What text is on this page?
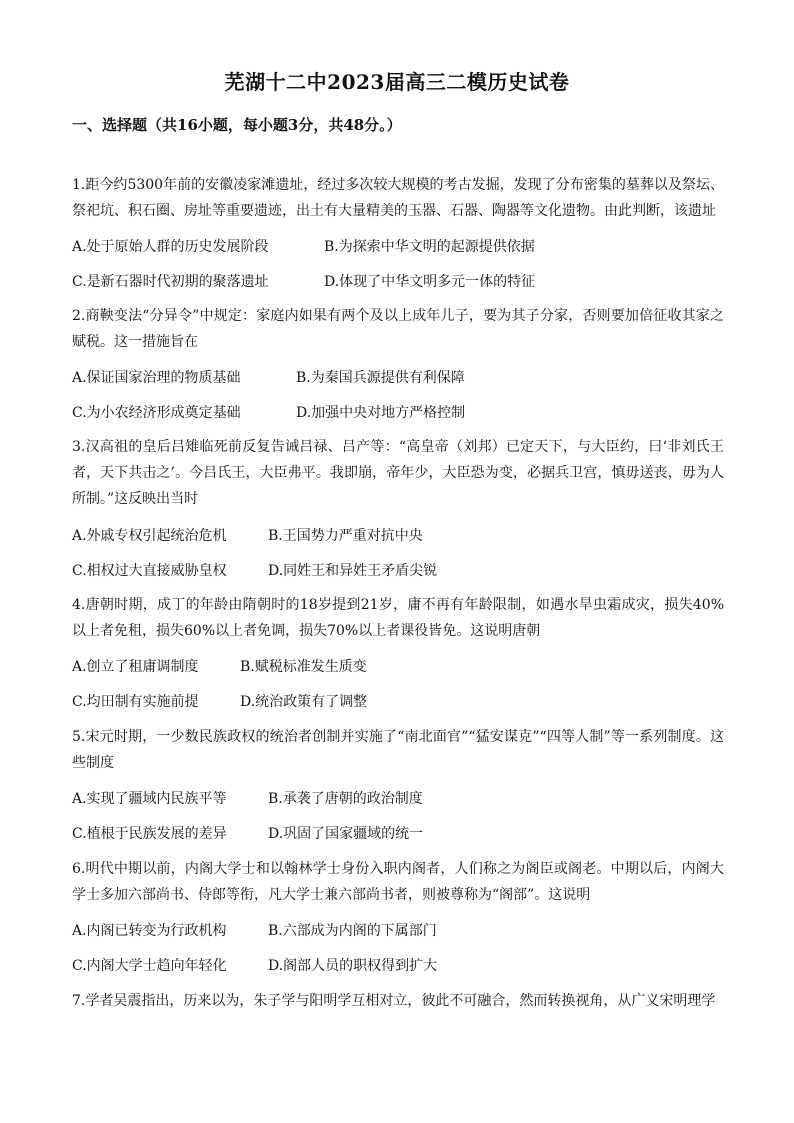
芜湖十二中2023届高三二模历史试卷
一、选择题（共16小题，每小题3分，共48分。）
1.距今约5300年前的安徽凌家滩遗址，经过多次较大规模的考古发掘，发现了分布密集的墓葬以及祭坛、祭祀坑、积石圈、房址等重要遗迹，出土有大量精美的玉器、石器、陶器等文化遗物。由此判断，该遗址
A.处于原始人群的历史发展阶段	B.为探索中华文明的起源提供依据
C.是新石器时代初期的聚落遗址	D.体现了中华文明多元一体的特征
2.商鞅变法“分异令”中规定：家庭内如果有两个及以上成年儿子，要为其子分家，否则要加倍征收其家之赋税。这一措施旨在
A.保证国家治理的物质基础	B.为秦国兵源提供有利保障
C.为小农经济形成奠定基础	D.加强中央对地方严格控制
3.汉高祖的皇后吕雉临死前反复告诫吕禄、吕产等：“高皇帝（刘邦）已定天下，与大臣约，曰‘非刘氏王者，天下共击之’。今吕氏王，大臣弗平。我即崩，帝年少，大臣恐为变，必据兵卫宫，慎毋送丧，毋为人所制。”这反映出当时
A.外戚专权引起统治危机	B.王国势力严重对抗中央
C.相权过大直接威胁皇权	D.同姓王和异姓王矛盾尖锐
4.唐朝时期，成丁的年龄由隋朝时的18岁提到21岁，庸不再有年龄限制，如遇水旱虫霜成灾，损失40%以上者免租，损失60%以上者免调，损失70%以上者课役皆免。这说明唐朝
A.创立了租庸调制度	B.赋税标准发生质变
C.均田制有实施前提	D.统治政策有了调整
5.宋元时期，一少数民族政权的统治者创制并实施了“南北面官”“猛安谋克”“四等人制”等一系列制度。这些制度
A.实现了疆域内民族平等	B.承袭了唐朝的政治制度
C.植根于民族发展的差异	D.巩固了国家疆域的统一
6.明代中期以前，内阁大学士和以翰林学士身份入职内阁者，人们称之为阁臣或阁老。中期以后，内阁大学士多加六部尚书、侍郎等衔，凡大学士兼六部尚书者，则被尊称为“阁部”。这说明
A.内阁已转变为行政机构	B.六部成为内阁的下属部门
C.内阁大学士趋向年轻化	D.阁部人员的职权得到扩大
7.学者吴震指出，历来以为，朱子学与阳明学互相对立，彼此不可融合，然而转换视角，从广义宋明理学
